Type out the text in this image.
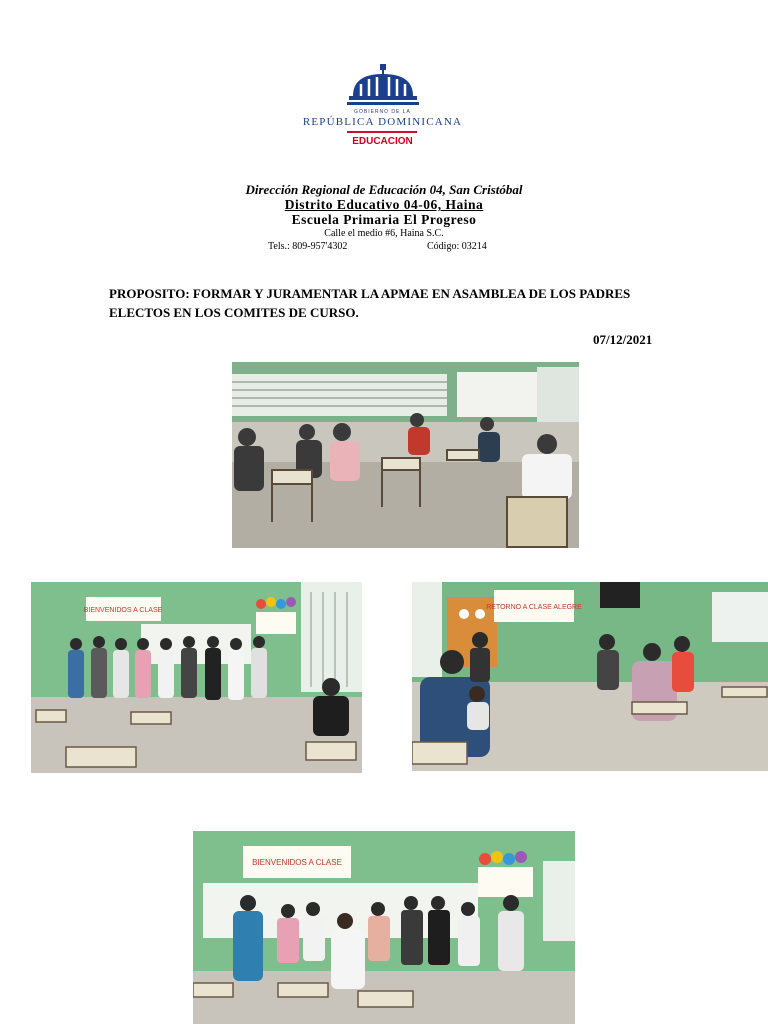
GOBIERNO DE LA
REPÚBLICA DOMINICANA
EDUCACION
Dirección Regional de Educación 04, San Cristóbal
Distrito Educativo 04-06, Haina
Escuela Primaria El Progreso
Calle el medio #6, Haina S.C.
Tels.: 809-957'4302	Código: 03214
PROPOSITO: FORMAR Y JURAMENTAR LA APMAE EN ASAMBLEA DE LOS PADRES ELECTOS EN LOS COMITES DE CURSO.
07/12/2021
BIENVENIDOS A CLASE	RETORNO A CLASE ALEGRE
BIENVENIDOS A CLASE
